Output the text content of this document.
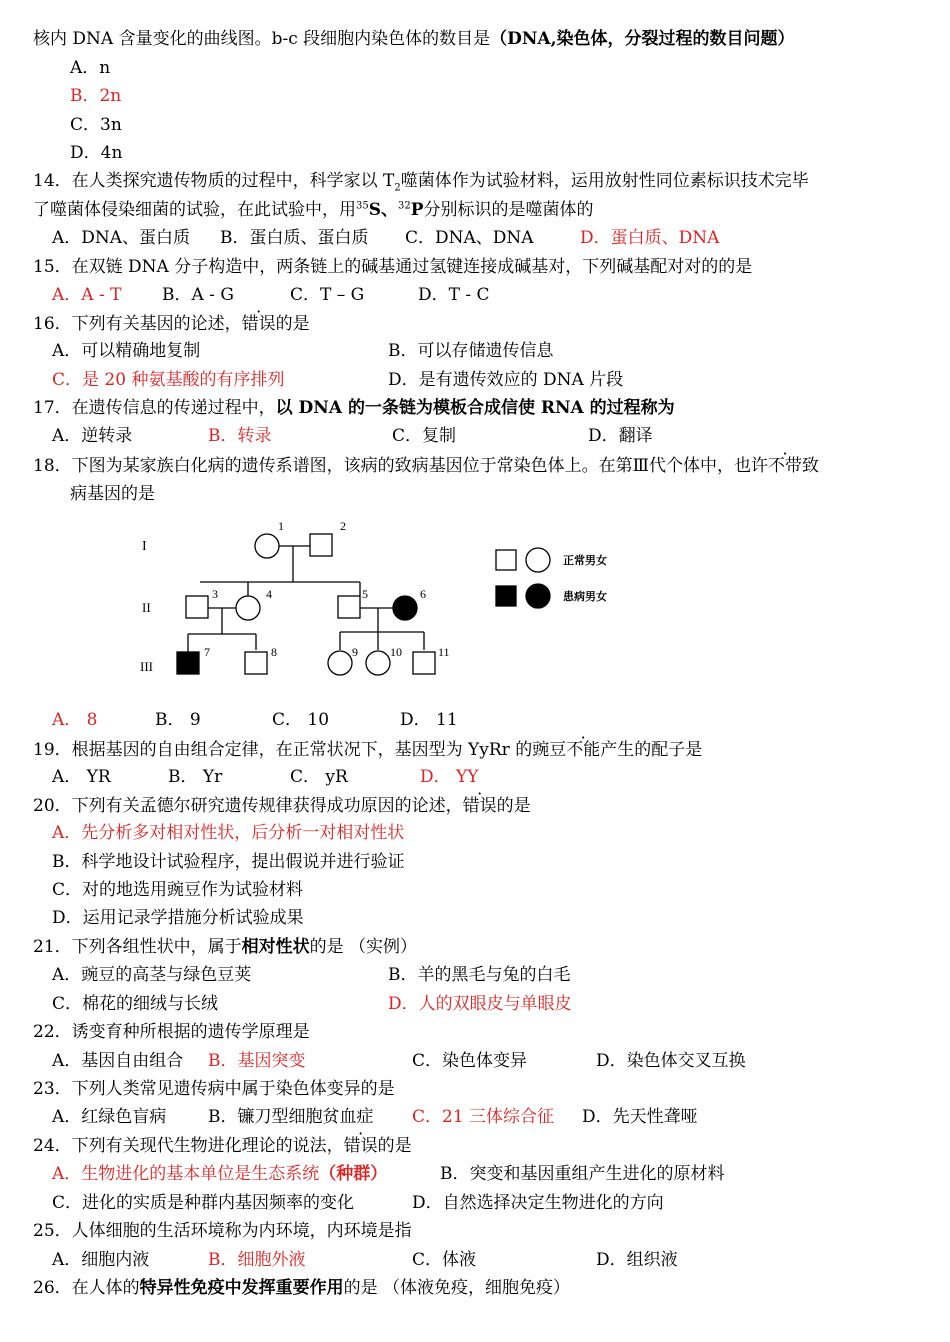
核内 DNA 含量变化的曲线图。b-c 段细胞内染色体的数目是（DNA,染色体，分裂过程的数目问题）
A．n
B．2n
C．3n
D．4n
14．在人类探究遗传物质的过程中，科学家以 $T_2$噬菌体作为试验材料，运用放射性同位素标识技术完毕
了噬菌体侵染细菌的试验，在此试验中，用$^{35}$S、$^{32}$P分别标识的是噬菌体的
A．DNA、蛋白质 B．蛋白质、蛋白质 C．DNA、DNA	D．蛋白质、DNA
15．在双链 DNA 分子构造中，两条链上的碱基通过氢键连接成碱基对，下列碱基配对对的的是
A．A - T B．A - G	C．T – G	D．T - C
16．下列有关基因的论述，错误的是
A．可以精确地复制	B．可以存储遗传信息
C．是 20 种氨基酸的有序排列	D．是有遗传效应的 DNA 片段
17．在遗传信息的传递过程中，以 DNA 的一条链为模板合成信使 RNA 的过程称为
A．逆转录	B．转录	C．复制	D．翻译
18．下图为某家族白化病的遗传系谱图，该病的致病基因位于常染色体上。在第Ⅲ代个体中，也许不带致
病基因的是
I
II
III
1	2
3	4	5	6
7	8	9	10	11
正常男女
患病男女
A． 8	B． 9	C． 10	D． 11
19．根据基因的自由组合定律，在正常状况下，基因型为 YyRr 的豌豆不能产生的配子是
A． YR	B． Yr	C． yR	D． YY
20．下列有关孟德尔研究遗传规律获得成功原因的论述，错误的是
A．先分析多对相对性状，后分析一对相对性状
B．科学地设计试验程序，提出假说并进行验证
C．对的地选用豌豆作为试验材料
D．运用记录学措施分析试验成果
21．下列各组性状中，属于相对性状的是 （实例）
A．豌豆的高茎与绿色豆荚	B．羊的黑毛与兔的白毛
C．棉花的细绒与长绒	D．人的双眼皮与单眼皮
22．诱变育种所根据的遗传学原理是
A．基因自由组合 B．基因突变	C．染色体变异	D．染色体交叉互换
23．下列人类常见遗传病中属于染色体变异的是
A．红绿色盲病 B．镰刀型细胞贫血症 C．21 三体综合征 D．先天性聋哑
24．下列有关现代生物进化理论的说法，错误的是
A．生物进化的基本单位是生态系统（种群）	B．突变和基因重组产生进化的原材料
C．进化的实质是种群内基因频率的变化	D．自然选择决定生物进化的方向
25．人体细胞的生活环境称为内环境，内环境是指
A．细胞内液	B．细胞外液	C．体液	D．组织液
26．在人体的特异性免疫中发挥重要作用的是 （体液免疫，细胞免疫）
